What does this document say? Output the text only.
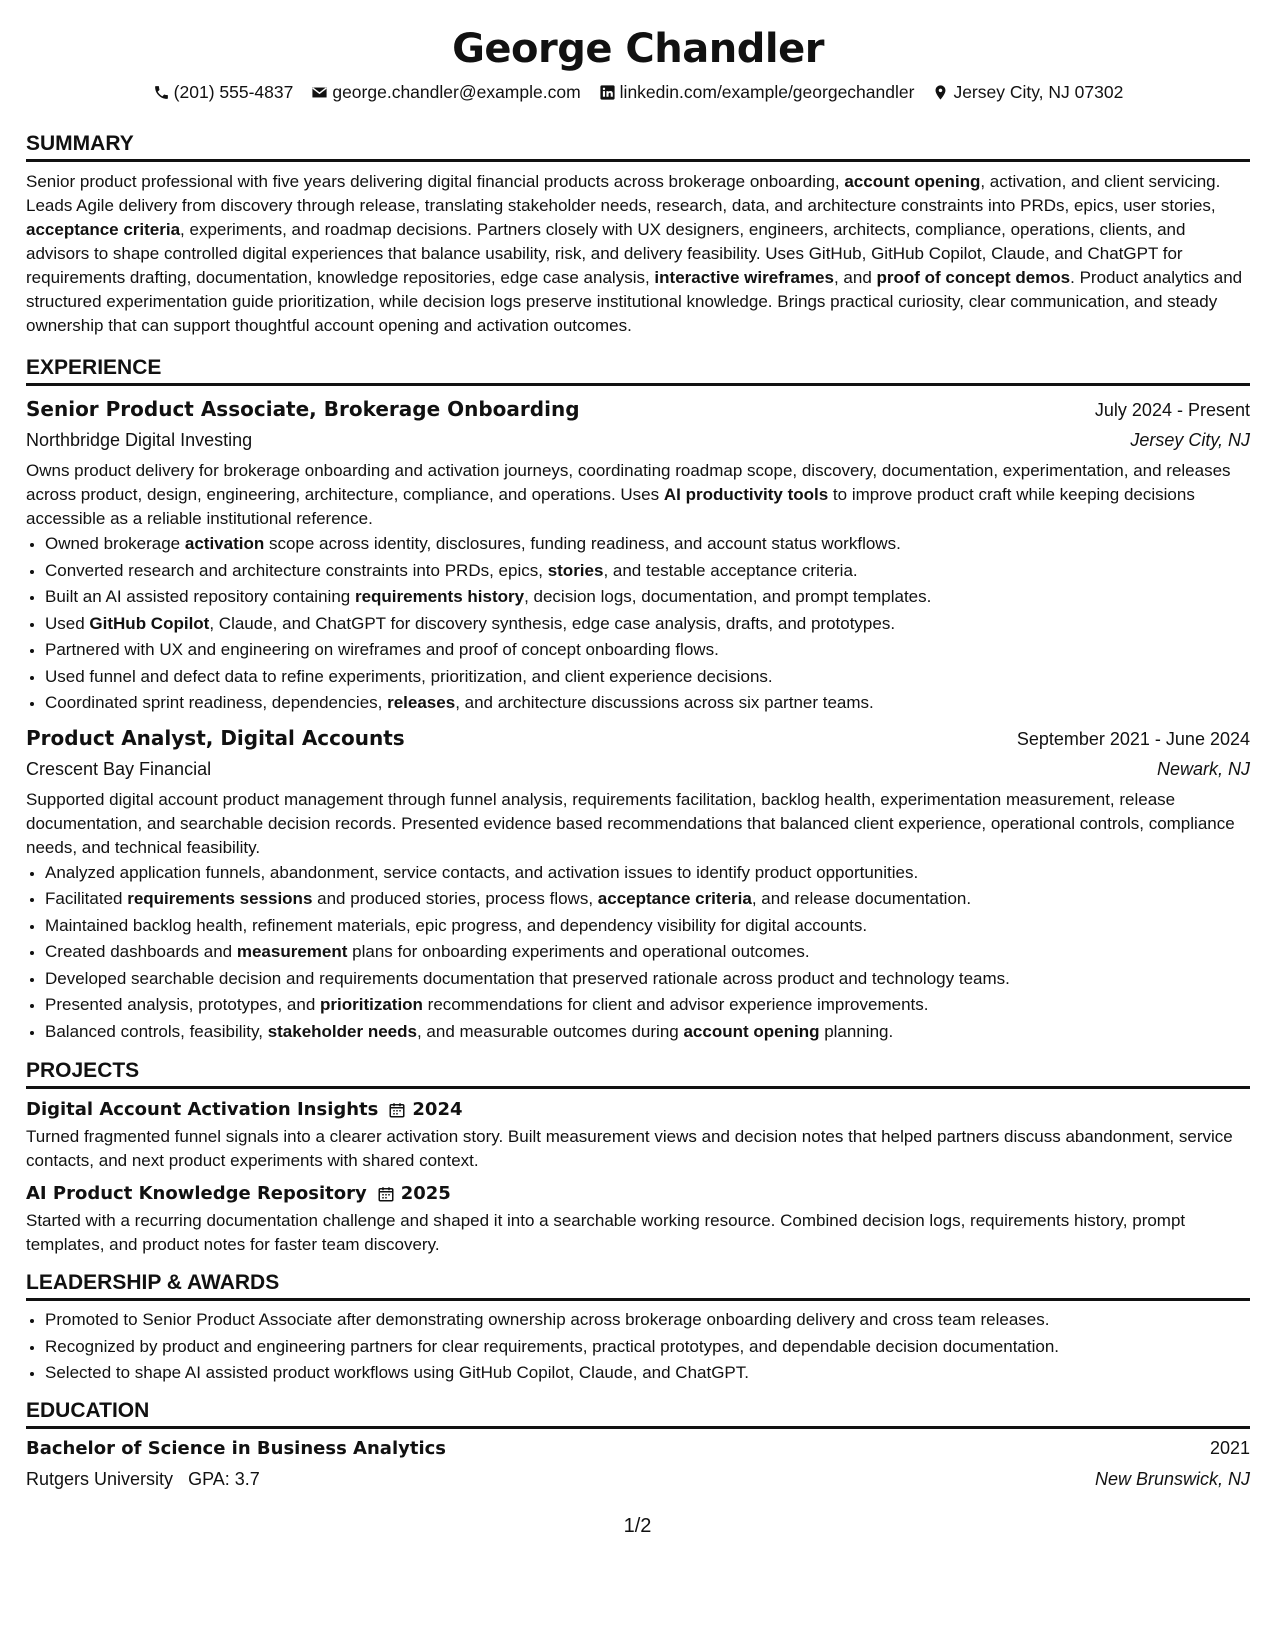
George Chandler
(201) 555-4837 george.chandler@example.com linkedin.com/example/georgechandler Jersey City, NJ 07302
SUMMARY
Senior product professional with five years delivering digital financial products across brokerage onboarding, account opening, activation, and client servicing. Leads Agile delivery from discovery through release, translating stakeholder needs, research, data, and architecture constraints into PRDs, epics, user stories, acceptance criteria, experiments, and roadmap decisions. Partners closely with UX designers, engineers, architects, compliance, operations, clients, and advisors to shape controlled digital experiences that balance usability, risk, and delivery feasibility. Uses GitHub, GitHub Copilot, Claude, and ChatGPT for requirements drafting, documentation, knowledge repositories, edge case analysis, interactive wireframes, and proof of concept demos. Product analytics and structured experimentation guide prioritization, while decision logs preserve institutional knowledge. Brings practical curiosity, clear communication, and steady ownership that can support thoughtful account opening and activation outcomes.
EXPERIENCE
Senior Product Associate, Brokerage Onboarding	July 2024 - Present
Northbridge Digital Investing	Jersey City, NJ
Owns product delivery for brokerage onboarding and activation journeys, coordinating roadmap scope, discovery, documentation, experimentation, and releases across product, design, engineering, architecture, compliance, and operations. Uses AI productivity tools to improve product craft while keeping decisions accessible as a reliable institutional reference.
• Owned brokerage activation scope across identity, disclosures, funding readiness, and account status workflows.
• Converted research and architecture constraints into PRDs, epics, stories, and testable acceptance criteria.
• Built an AI assisted repository containing requirements history, decision logs, documentation, and prompt templates.
• Used GitHub Copilot, Claude, and ChatGPT for discovery synthesis, edge case analysis, drafts, and prototypes.
• Partnered with UX and engineering on wireframes and proof of concept onboarding flows.
• Used funnel and defect data to refine experiments, prioritization, and client experience decisions.
• Coordinated sprint readiness, dependencies, releases, and architecture discussions across six partner teams.
Product Analyst, Digital Accounts	September 2021 - June 2024
Crescent Bay Financial	Newark, NJ
Supported digital account product management through funnel analysis, requirements facilitation, backlog health, experimentation measurement, release documentation, and searchable decision records. Presented evidence based recommendations that balanced client experience, operational controls, compliance needs, and technical feasibility.
• Analyzed application funnels, abandonment, service contacts, and activation issues to identify product opportunities.
• Facilitated requirements sessions and produced stories, process flows, acceptance criteria, and release documentation.
• Maintained backlog health, refinement materials, epic progress, and dependency visibility for digital accounts.
• Created dashboards and measurement plans for onboarding experiments and operational outcomes.
• Developed searchable decision and requirements documentation that preserved rationale across product and technology teams.
• Presented analysis, prototypes, and prioritization recommendations for client and advisor experience improvements.
• Balanced controls, feasibility, stakeholder needs, and measurable outcomes during account opening planning.
PROJECTS
Digital Account Activation Insights 2024
Turned fragmented funnel signals into a clearer activation story. Built measurement views and decision notes that helped partners discuss abandonment, service contacts, and next product experiments with shared context.
AI Product Knowledge Repository 2025
Started with a recurring documentation challenge and shaped it into a searchable working resource. Combined decision logs, requirements history, prompt templates, and product notes for faster team discovery.
LEADERSHIP & AWARDS
• Promoted to Senior Product Associate after demonstrating ownership across brokerage onboarding delivery and cross team releases.
• Recognized by product and engineering partners for clear requirements, practical prototypes, and dependable decision documentation.
• Selected to shape AI assisted product workflows using GitHub Copilot, Claude, and ChatGPT.
EDUCATION
Bachelor of Science in Business Analytics	2021
Rutgers University GPA: 3.7	New Brunswick, NJ
1/2
